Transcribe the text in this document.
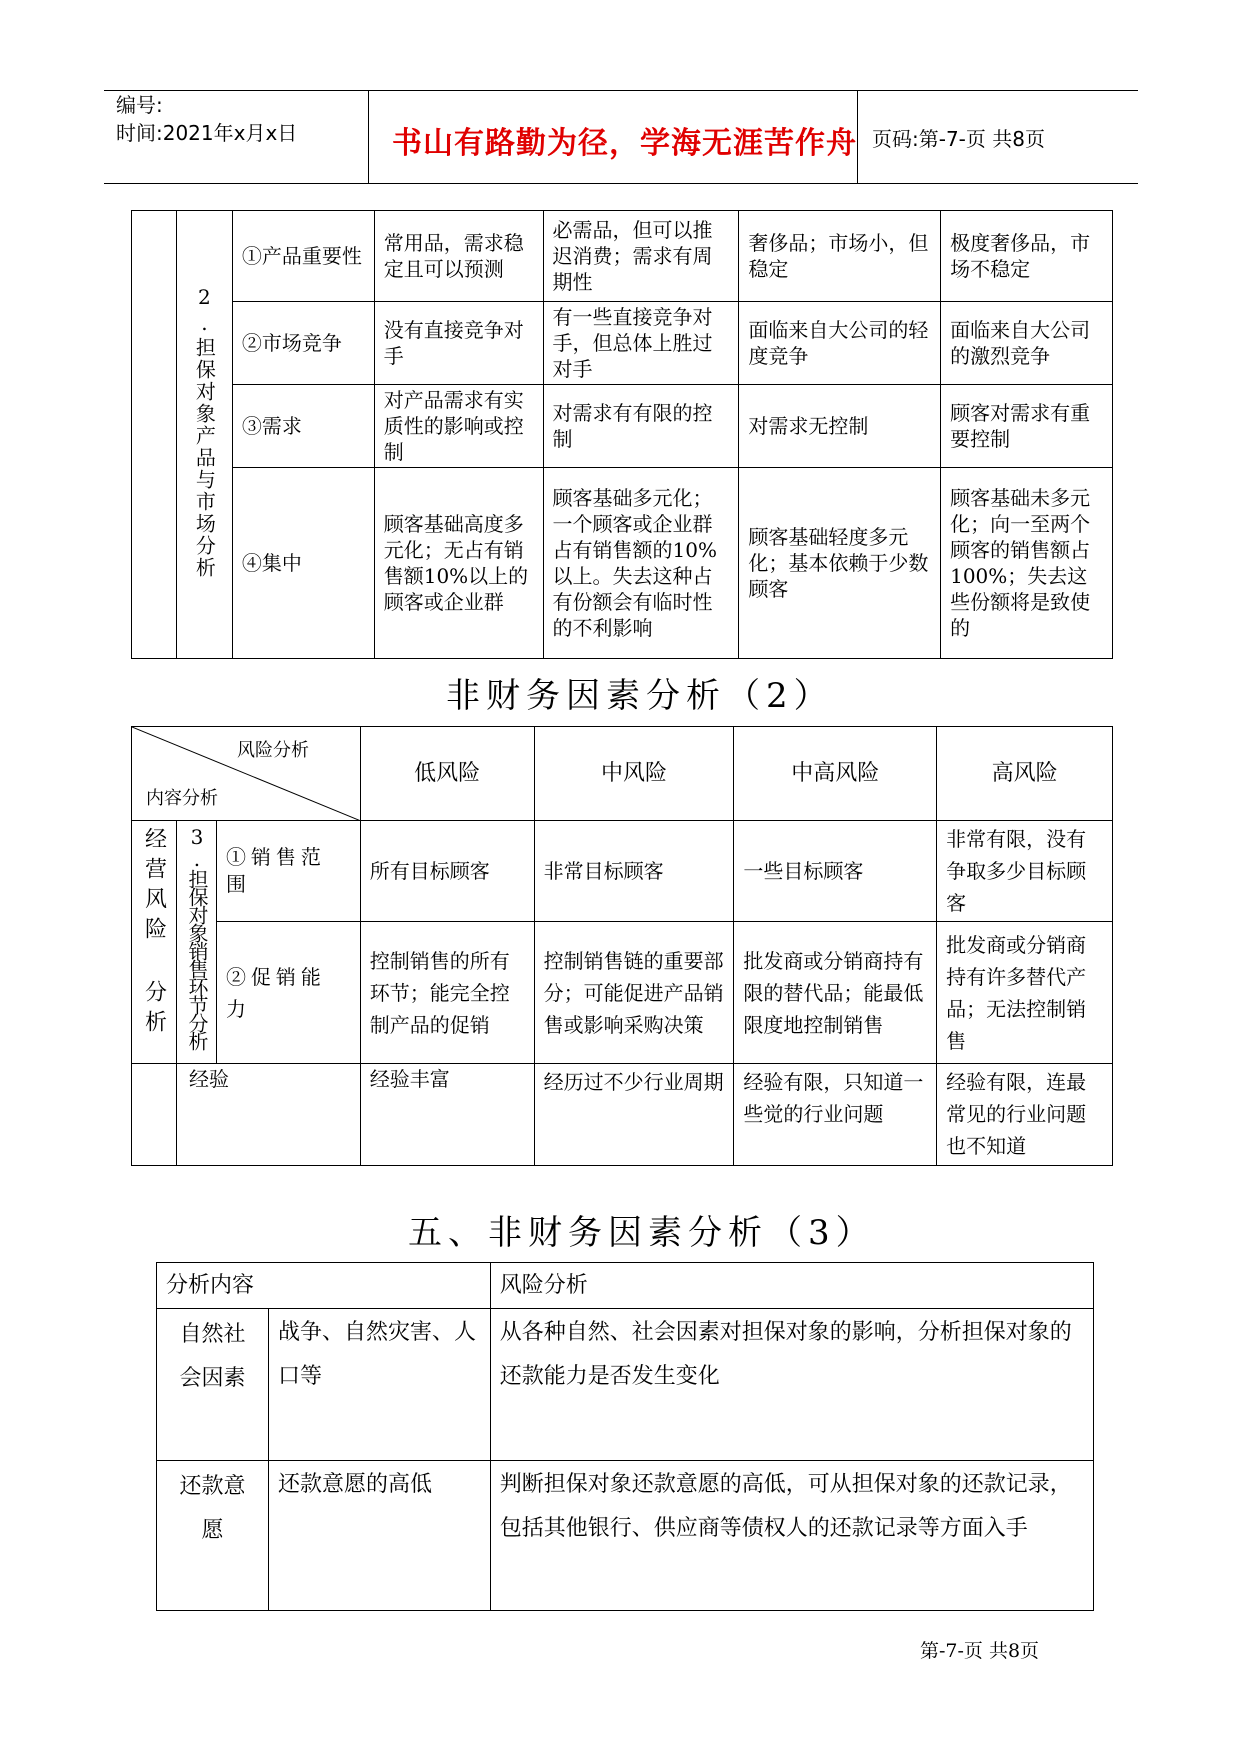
编号:
时间:2021年x月x日	书山有路勤为径，学海无涯苦作舟 页码:第-7-页 共8页
	2.担保对象产品与市场分析	①产品重要性	常用品，需求稳定且可以预测	必需品，但可以推迟消费；需求有周期性	奢侈品；市场小，但稳定	极度奢侈品，市场不稳定
		②市场竞争	没有直接竞争对手	有一些直接竞争对手，但总体上胜过对手	面临来自大公司的轻度竞争	面临来自大公司的激烈竞争
		③需求	对产品需求有实质性的影响或控制	对需求有有限的控制	对需求无控制	顾客对需求有重要控制
		④集中	顾客基础高度多元化；无占有销售额10%以上的顾客或企业群	顾客基础多元化；一个顾客或企业群占有销售额的10%以上。失去这种占有份额会有临时性的不利影响	顾客基础轻度多元化；基本依赖于少数顾客	顾客基础未多元化；向一至两个顾客的销售额占100%；失去这些份额将是致使的
非财务因素分析（2）
风险分析
内容分析			低风险	中风险	中高风险	高风险
经营风险 分析	3.担保对象销售环节分析	①销售范围	所有目标顾客	非常目标顾客	一些目标顾客	非常有限，没有争取多少目标顾客
		②促销能力	控制销售的所有环节；能完全控制产品的促销	控制销售链的重要部分；可能促进产品销售或影响采购决策	批发商或分销商持有限的替代品；能最低限度地控制销售	批发商或分销商持有许多替代产品；无法控制销售
	经验		经验丰富	经历过不少行业周期	经验有限，只知道一些觉的行业问题	经验有限，连最常见的行业问题也不知道
五、非财务因素分析（3）
分析内容		风险分析
自然社会因素	战争、自然灾害、人口等	从各种自然、社会因素对担保对象的影响，分析担保对象的还款能力是否发生变化
还款意愿	还款意愿的高低	判断担保对象还款意愿的高低，可从担保对象的还款记录，包括其他银行、供应商等债权人的还款记录等方面入手
第-7-页 共8页
